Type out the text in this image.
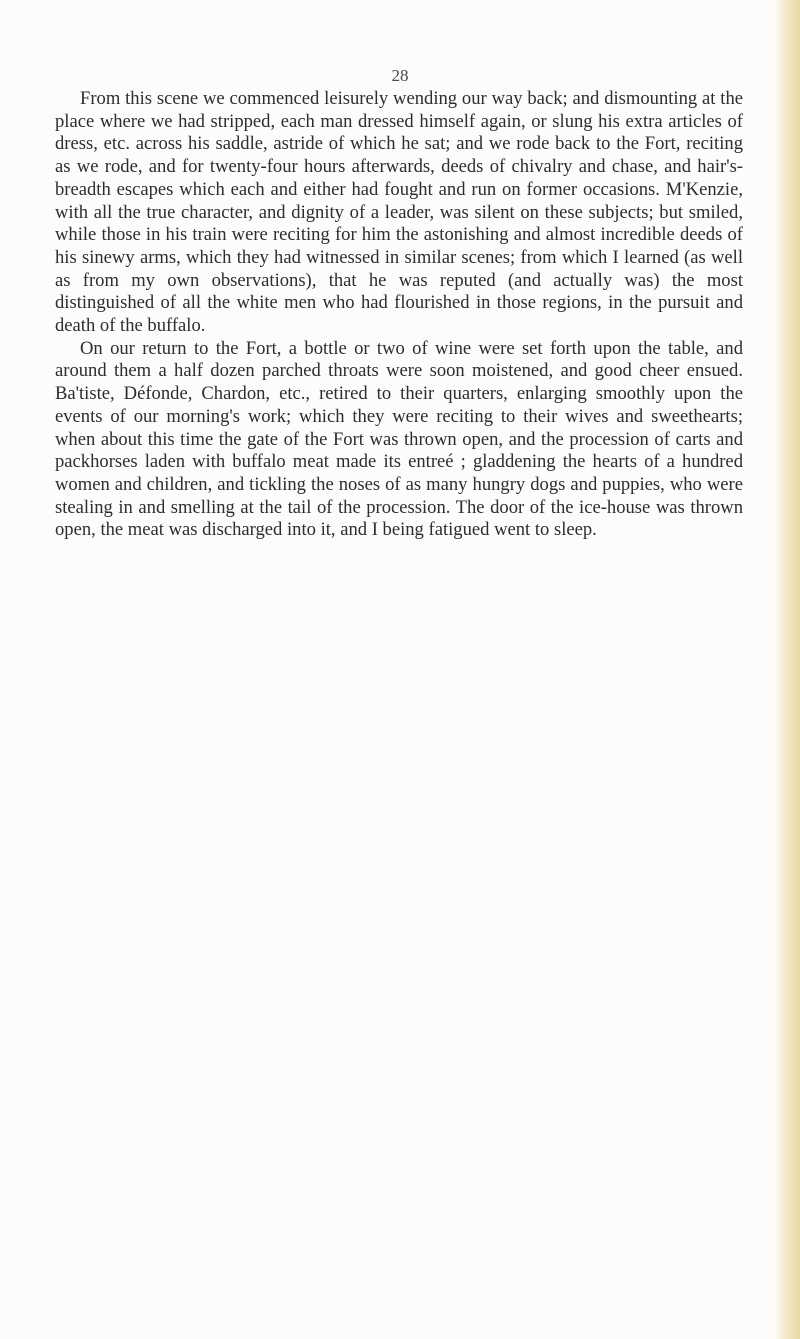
28

From this scene we commenced leisurely wending our way back; and dismounting at the place where we had stripped, each man dressed himself again, or slung his extra articles of dress, etc. across his saddle, astride of which he sat; and we rode back to the Fort, reciting as we rode, and for twenty-four hours afterwards, deeds of chivalry and chase, and hair's-breadth escapes which each and either had fought and run on former occasions. M'Kenzie, with all the true character, and dignity of a leader, was silent on these subjects; but smiled, while those in his train were reciting for him the astonishing and almost incredible deeds of his sinewy arms, which they had witnessed in similar scenes; from which I learned (as well as from my own observations), that he was reputed (and actually was) the most distinguished of all the white men who had flourished in those regions, in the pursuit and death of the buffalo.

On our return to the Fort, a bottle or two of wine were set forth upon the table, and around them a half dozen parched throats were soon moistened, and good cheer ensued. Ba'tiste, Défonde, Chardon, etc., retired to their quarters, enlarging smoothly upon the events of our morning's work; which they were reciting to their wives and sweethearts; when about this time the gate of the Fort was thrown open, and the procession of carts and packhorses laden with buffalo meat made its entreé ; gladdening the hearts of a hundred women and children, and tickling the noses of as many hungry dogs and puppies, who were stealing in and smelling at the tail of the procession. The door of the ice-house was thrown open, the meat was discharged into it, and I being fatigued went to sleep.
